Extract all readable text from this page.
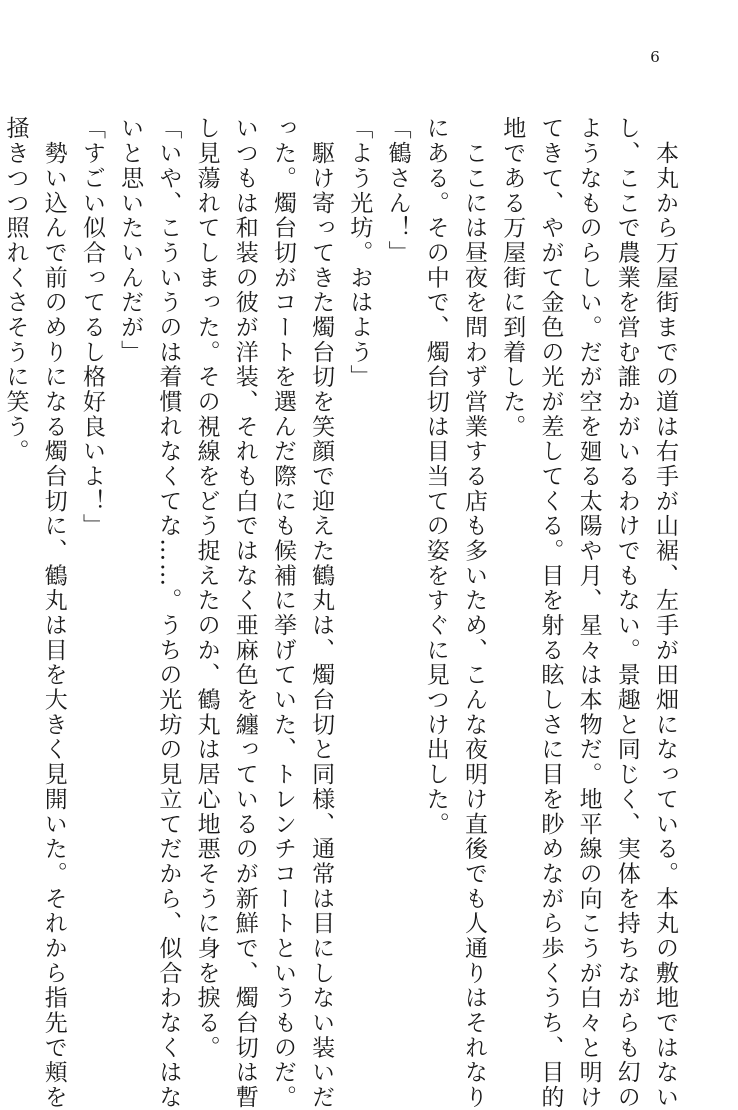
6
　本丸から万屋街までの道は右手が山裾、左手が田畑になっている。本丸の敷地ではない
し、ここで農業を営む誰かがいるわけでもない。景趣と同じく、実体を持ちながらも幻の
ようなものらしい。だが空を廻る太陽や月、星々は本物だ。地平線の向こうが白々と明け
てきて、やがて金色の光が差してくる。目を射る眩しさに目を眇めながら歩くうち、目的
地である万屋街に到着した。
　ここには昼夜を問わず営業する店も多いため、こんな夜明け直後でも人通りはそれなり
にある。その中で、燭台切は目当ての姿をすぐに見つけ出した。
「鶴さん！」
「よう光坊。おはよう」
　駆け寄ってきた燭台切を笑顔で迎えた鶴丸は、燭台切と同様、通常は目にしない装いだ
った。燭台切がコートを選んだ際にも候補に挙げていた、トレンチコートというものだ。
いつもは和装の彼が洋装、それも白ではなく亜麻色を纏っているのが新鮮で、燭台切は暫
し見蕩れてしまった。その視線をどう捉えたのか、鶴丸は居心地悪そうに身を捩る。
「いや、こういうのは着慣れなくてな……。うちの光坊の見立てだから、似合わなくはな
いと思いたいんだが」
「すごい似合ってるし格好良いよ！」
　勢い込んで前のめりになる燭台切に、鶴丸は目を大きく見開いた。それから指先で頬を
掻きつつ照れくさそうに笑う。
